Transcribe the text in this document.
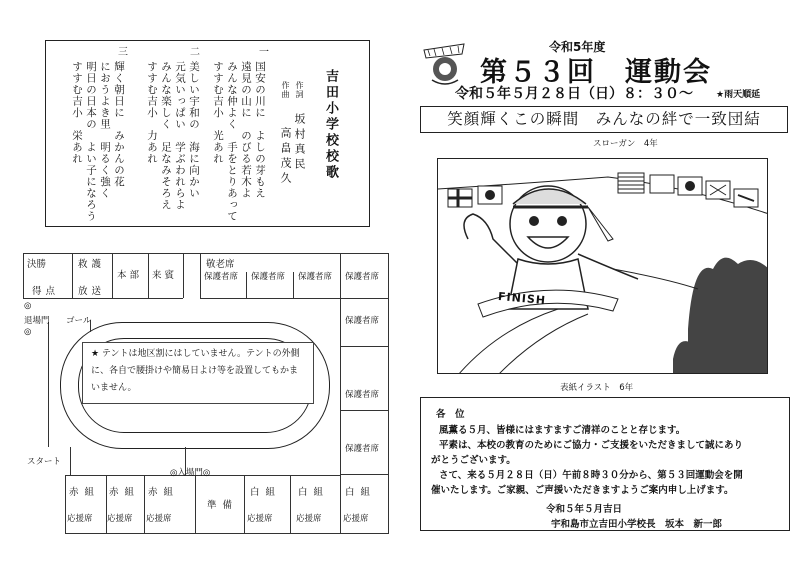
吉田小学校校歌
作詞
坂村真民
作曲
高畠茂久
一
国安の川に　よしの芽もえ
遠見の山に　のびる若木よ
みんな仲よく　手をとりあって
すすむ吉小　光あれ
二
美しい宇和の　海に向かい
元気いっぱい　学ぶわれらよ
みんな楽しく　足なみそろえ
すすむ吉小　力あれ
三
輝く朝日に　みかんの花
におうよき里　明るく強く
明日の日本の　よい子になろう
すすむ吉小　栄あれ
決勝	救護
本部 来賓
敬老席
得点 放送
保護者席 保護者席 保護者席 保護者席
保護者席
保護者席
保護者席
◎
退場門
◎
ゴール
スタート
◎入場門◎
★ テントは地区割にはしていません。テントの外側に、各自で腰掛けや簡易日よけ等を設置してもかまいません。
赤組
応援席
赤組
応援席
赤組
応援席
準備
白組
応援席
白組
応援席
白組
応援席
令和5年度
第５３回　運動会
令和５年５月２８日（日）８：３０～	★雨天順延
笑顔輝くこの瞬間　みんなの絆で一致団結
スローガン　4年
FINISH
表紙イラスト　6年

各　位

風薫る５月、皆様にはますますご清祥のことと存じます。

平素は、本校の教育のためにご協力・ご支援をいただきまして誠にあり

がとうございます。

さて、来る５月２８日（日）午前８時３０分から、第５３回運動会を開

催いたします。ご家親、ご声援いただきますようご案内申し上げます。

令和５年５月吉日

宇和島市立吉田小学校長　坂本　新一郎
